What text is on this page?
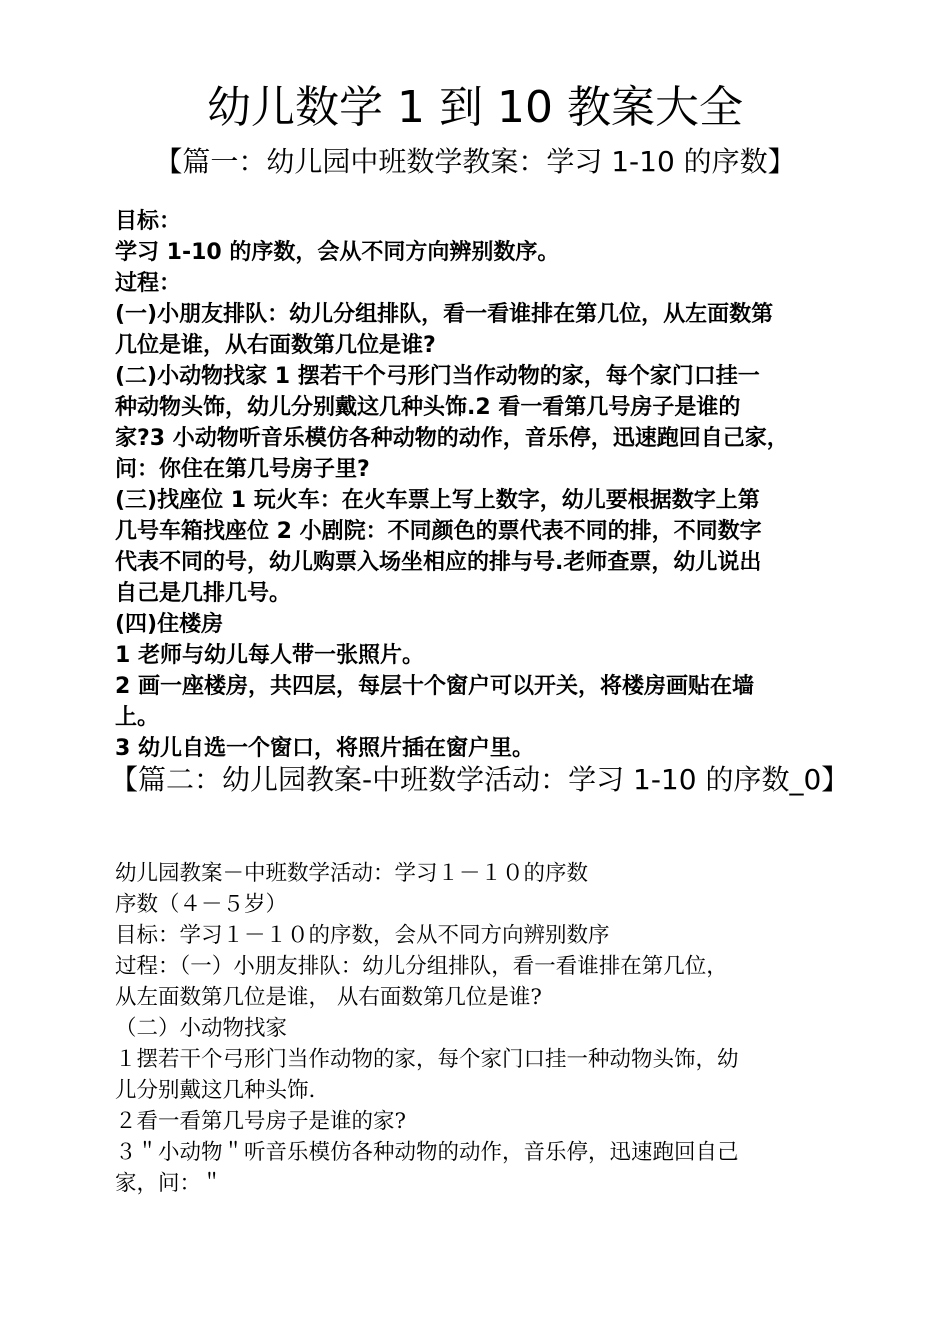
幼儿数学 1 到 10 教案大全
【篇一：幼儿园中班数学教案：学习 1-10 的序数】

目标：

学习 1-10 的序数，会从不同方向辨别数序。

过程：

(一)小朋友排队：幼儿分组排队，看一看谁排在第几位，从左面数第

几位是谁，从右面数第几位是谁?

(二)小动物找家 1 摆若干个弓形门当作动物的家，每个家门口挂一

种动物头饰，幼儿分别戴这几种头饰.2 看一看第几号房子是谁的

家?3 小动物听音乐模仿各种动物的动作，音乐停，迅速跑回自己家，

问：你住在第几号房子里?

(三)找座位 1 玩火车：在火车票上写上数字，幼儿要根据数字上第

几号车箱找座位 2 小剧院：不同颜色的票代表不同的排，不同数字

代表不同的号，幼儿购票入场坐相应的排与号.老师查票，幼儿说出

自己是几排几号。

(四)住楼房

1 老师与幼儿每人带一张照片。

2 画一座楼房，共四层，每层十个窗户可以开关，将楼房画贴在墙

上。

3 幼儿自选一个窗口，将照片插在窗户里。

【篇二：幼儿园教案-中班数学活动：学习 1-10 的序数_0】

幼儿园教案－中班数学活动：学习１－１０的序数

序数（４－５岁）

目标：学习１－１０的序数，会从不同方向辨别数序

过程：（一）小朋友排队：幼儿分组排队，看一看谁排在第几位，

从左面数第几位是谁， 从右面数第几位是谁?

（二）小动物找家

１摆若干个弓形门当作动物的家，每个家门口挂一种动物头饰，幼

儿分别戴这几种头饰.

２看一看第几号房子是谁的家?

３＂小动物＂听音乐模仿各种动物的动作，音乐停，迅速跑回自己

家，问：＂
